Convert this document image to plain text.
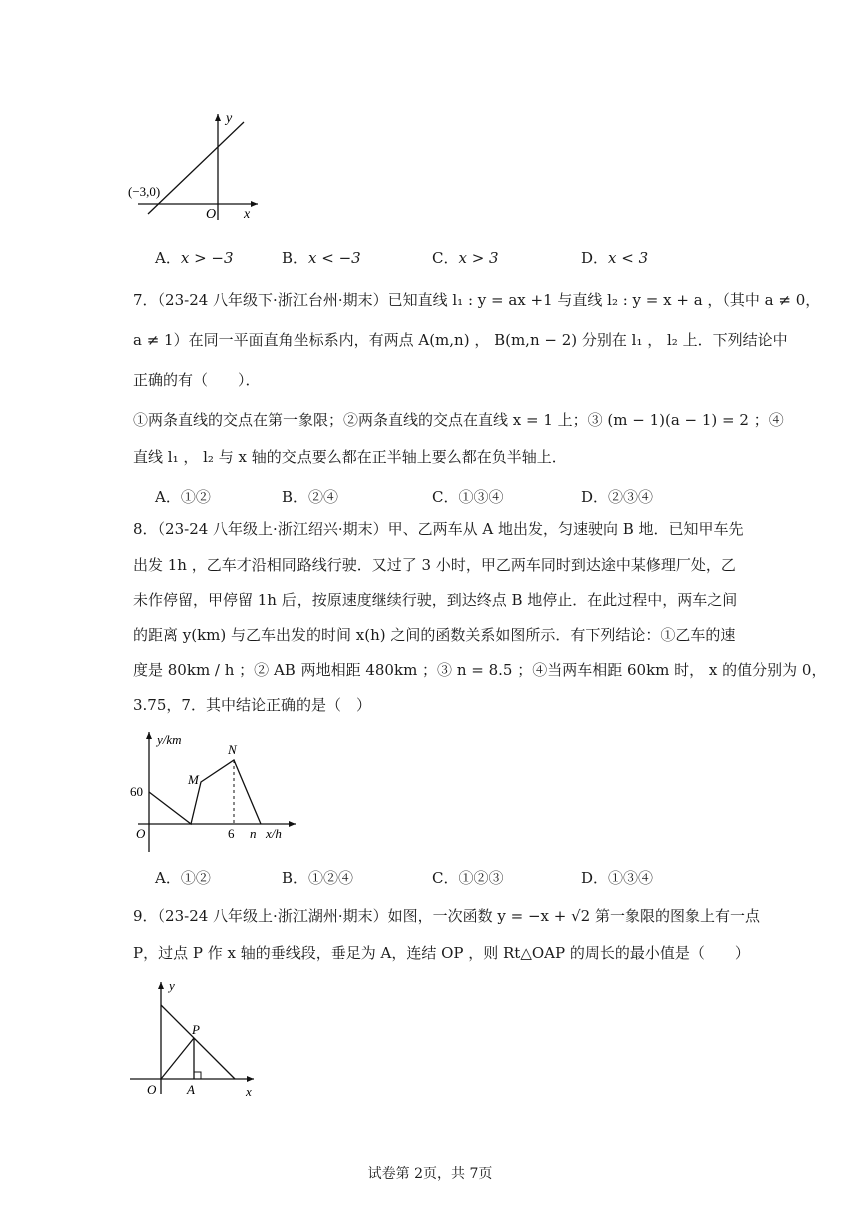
y
x
O
(−3,0)
A．x > −3	B．x < −3	C．x > 3	D．x < 3
7．（23-24 八年级下·浙江台州·期末）已知直线 l₁ : y = ax +1 与直线 l₂ : y = x + a ，（其中 a ≠ 0，
a ≠ 1）在同一平面直角坐标系内，有两点 A(m,n) ， B(m,n − 2) 分别在 l₁ ， l₂ 上．下列结论中
正确的有（　　）．
①两条直线的交点在第一象限；②两条直线的交点在直线 x = 1 上；③ (m − 1)(a − 1) = 2 ；④
直线 l₁ ， l₂ 与 x 轴的交点要么都在正半轴上要么都在负半轴上．
A．①②	B．②④	C．①③④	D．②③④
8．（23-24 八年级上·浙江绍兴·期末）甲、乙两车从 A 地出发，匀速驶向 B 地．已知甲车先
出发 1h ，乙车才沿相同路线行驶．又过了 3 小时，甲乙两车同时到达途中某修理厂处，乙
未作停留，甲停留 1h 后，按原速度继续行驶，到达终点 B 地停止．在此过程中，两车之间
的距离 y(km) 与乙车出发的时间 x(h) 之间的函数关系如图所示．有下列结论：①乙车的速
度是 80km / h ；② AB 两地相距 480km ；③ n = 8.5 ；④当两车相距 60km 时， x 的值分别为 0，
3.75，7．其中结论正确的是（　）
y/km
x/h
O
60
6 n
M
N
A．①②	B．①②④	C．①②③	D．①③④
9．（23-24 八年级上·浙江湖州·期末）如图，一次函数 y = −x + √2 第一象限的图象上有一点
P，过点 P 作 x 轴的垂线段，垂足为 A，连结 OP ，则 Rt△OAP 的周长的最小值是（　　）
y
x
O A
P
试卷第 2页，共 7页
